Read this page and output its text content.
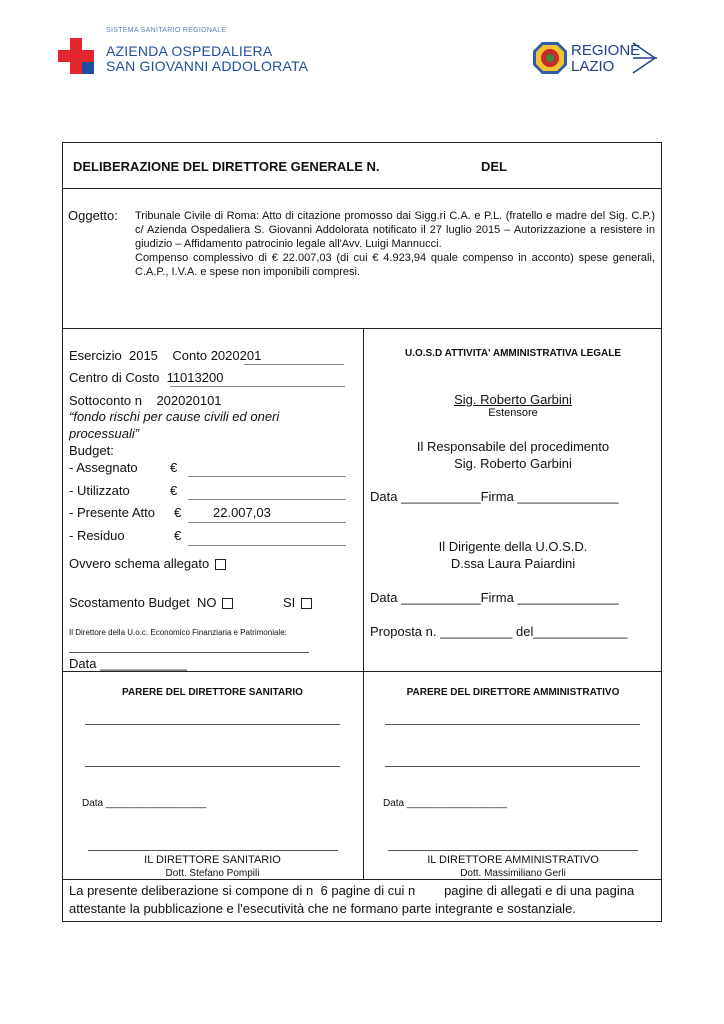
SISTEMA SANITARIO REGIONALE
AZIENDA OSPEDALIERA
SAN GIOVANNI ADDOLORATA
REGIONE
LAZIO
DELIBERAZIONE DEL DIRETTORE GENERALE N.	DEL
Oggetto: Tribunale Civile di Roma: Atto di citazione promosso dai Sigg.ri C.A. e P.L. (fratello e madre del Sig. C.P.) c/ Azienda Ospedaliera S. Giovanni Addolorata notificato il 27 luglio 2015 – Autorizzazione a resistere in giudizio – Affidamento patrocinio legale all'Avv. Luigi Mannucci.
Compenso complessivo di € 22.007,03 (di cui € 4.923,94 quale compenso in acconto) spese generali, C.A.P., I.V.A. e spese non imponibili compresi.
Esercizio 2015 Conto 2020201
Centro di Costo 11013200
Sottoconto n 202020101
“fondo rischi per cause civili ed oneri processuali”
Budget:
- Assegnato €
- Utilizzato	€
- Presente Atto € 22.007,03
- Residuo	€
Ovvero schema allegato
Scostamento Budget NO	SI
Il Direttore della U.o.c. Economico Finanziaria e Patrimoniale:
Data ____________
U.O.S.D ATTIVITA' AMMINISTRATIVA LEGALE
Sig. Roberto Garbini
Estensore
Il Responsabile del procedimento
Sig. Roberto Garbini
Data ___________Firma ______________
Il Dirigente della U.O.S.D.
D.ssa Laura Paiardini
Data ___________Firma ______________
Proposta n. __________ del_____________
PARERE DEL DIRETTORE SANITARIO	PARERE DEL DIRETTORE AMMINISTRATIVO
Data __________________	Data __________________
IL DIRETTORE SANITARIO
Dott. Stefano Pompili
IL DIRETTORE AMMINISTRATIVO
Dott. Massimiliano Gerli
La presente deliberazione si compone di n  6 pagine di cui n        pagine di allegati e di una pagina
attestante la pubblicazione e l'esecutività che ne formano parte integrante e sostanziale.
